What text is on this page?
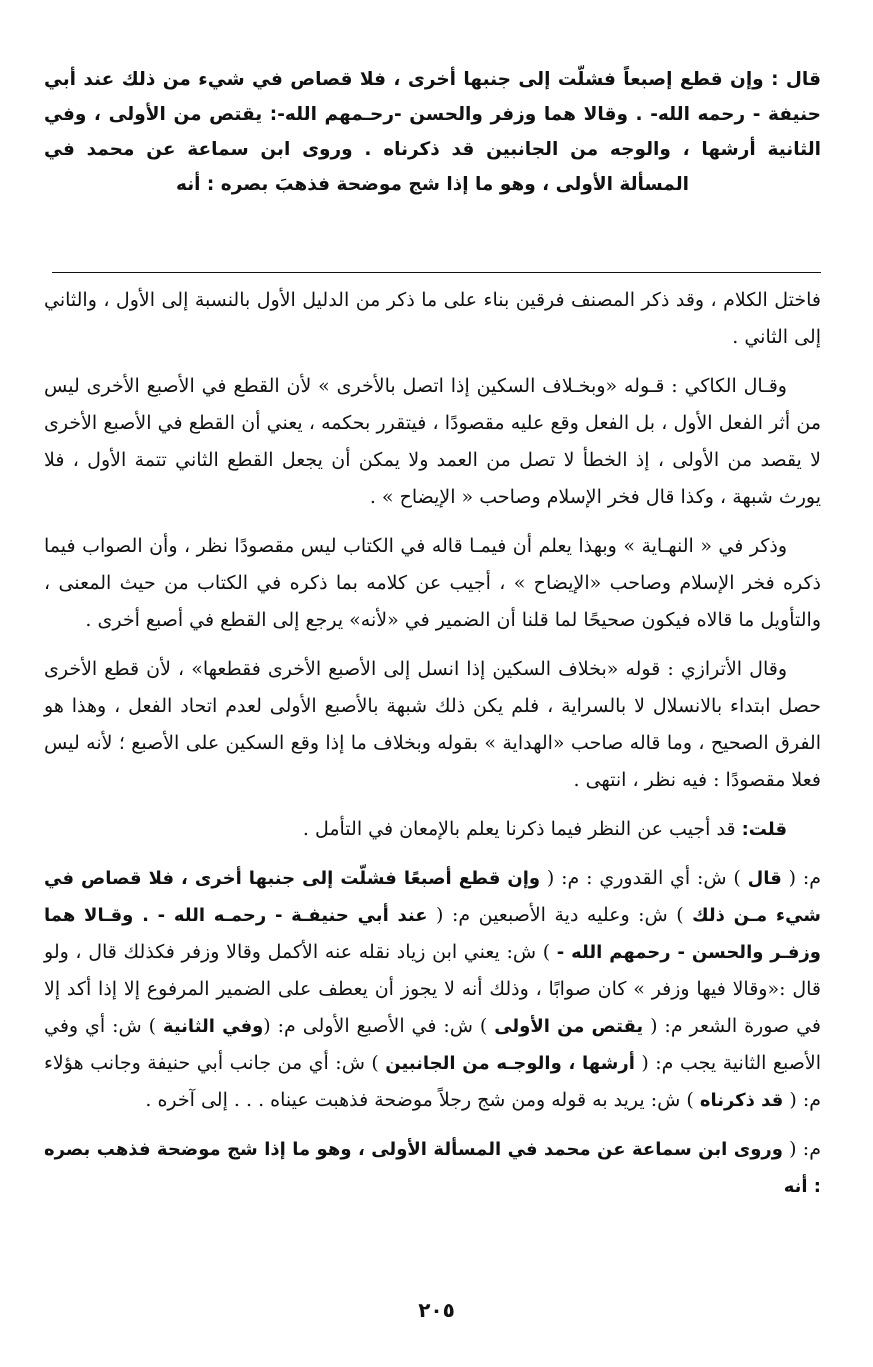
قال : وإن قطع إصبعاً فشلّت إلى جنبها أخرى ، فلا قصاص في شيء من ذلك عند أبي حنيفة - رحمه الله- . وقالا هما وزفر والحسن -رحـمهم الله-: يقتص من الأولى ، وفي الثانية أرشها ، والوجه من الجانبين قد ذكرناه . وروى ابن سماعة عن محمد في المسألة الأولى ، وهو ما إذا شج موضحة فذهبَ بصره : أنه

فاختل الكلام ، وقد ذكر المصنف فرقين بناء على ما ذكر من الدليل الأول بالنسبة إلى الأول ، والثاني إلى الثاني .

وقـال الكاكي : قـوله «وبخـلاف السكين إذا اتصل بالأخرى » لأن القطع في الأصبع الأخرى ليس من أثر الفعل الأول ، بل الفعل وقع عليه مقصودًا ، فيتقرر بحكمه ، يعني أن القطع في الأصبع الأخرى لا يقصد من الأولى ، إذ الخطأ لا تصل من العمد ولا يمكن أن يجعل القطع الثاني تتمة الأول ، فلا يورث شبهة ، وكذا قال فخر الإسلام وصاحب « الإيضاح » .

وذكر في « النهـاية » وبهذا يعلم أن فيمـا قاله في الكتاب ليس مقصودًا نظر ، وأن الصواب فيما ذكره فخر الإسلام وصاحب «الإيضاح » ، أجيب عن كلامه بما ذكره في الكتاب من حيث المعنى ، والتأويل ما قالاه فيكون صحيحًا لما قلنا أن الضمير في «لأنه» يرجع إلى القطع في أصبع أخرى .

وقال الأترازي : قوله «بخلاف السكين إذا انسل إلى الأصبع الأخرى فقطعها» ، لأن قطع الأخرى حصل ابتداء بالانسلال لا بالسراية ، فلم يكن ذلك شبهة بالأصبع الأولى لعدم اتحاد الفعل ، وهذا هو الفرق الصحيح ، وما قاله صاحب «الهداية » بقوله وبخلاف ما إذا وقع السكين على الأصبع ؛ لأنه ليس فعلا مقصودًا : فيه نظر ، انتهى .

قلت: قد أجيب عن النظر فيما ذكرنا يعلم بالإمعان في التأمل .

م: ( قال ) ش: أي القدوري : م: ( وإن قطع أصبعًا فشلّت إلى جنبها أخرى ، فلا قصاص في شيء مـن ذلك ) ش: وعليه دية الأصبعين م: ( عند أبي حنيفـة - رحمـه الله - . وقـالا هما وزفـر والحسن - رحمهم الله - ) ش: يعني ابن زياد نقله عنه الأكمل وقالا وزفر فكذلك قال ، ولو قال :«وقالا فيها وزفر » كان صوابًا ، وذلك أنه لا يجوز أن يعطف على الضمير المرفوع إلا إذا أكد إلا في صورة الشعر م: ( يقتص من الأولى ) ش: في الأصبع الأولى م: (وفي الثانية ) ش: أي وفي الأصبع الثانية يجب م: ( أرشها ، والوجـه من الجانبين ) ش: أي من جانب أبي حنيفة وجانب هؤلاء م: ( قد ذكرناه ) ش: يريد به قوله ومن شج رجلاً موضحة فذهبت عيناه . . . إلى آخره .

م: ( وروى ابن سماعة عن محمد في المسألة الأولى ، وهو ما إذا شج موضحة فذهب بصره : أنه

٢٠٥
